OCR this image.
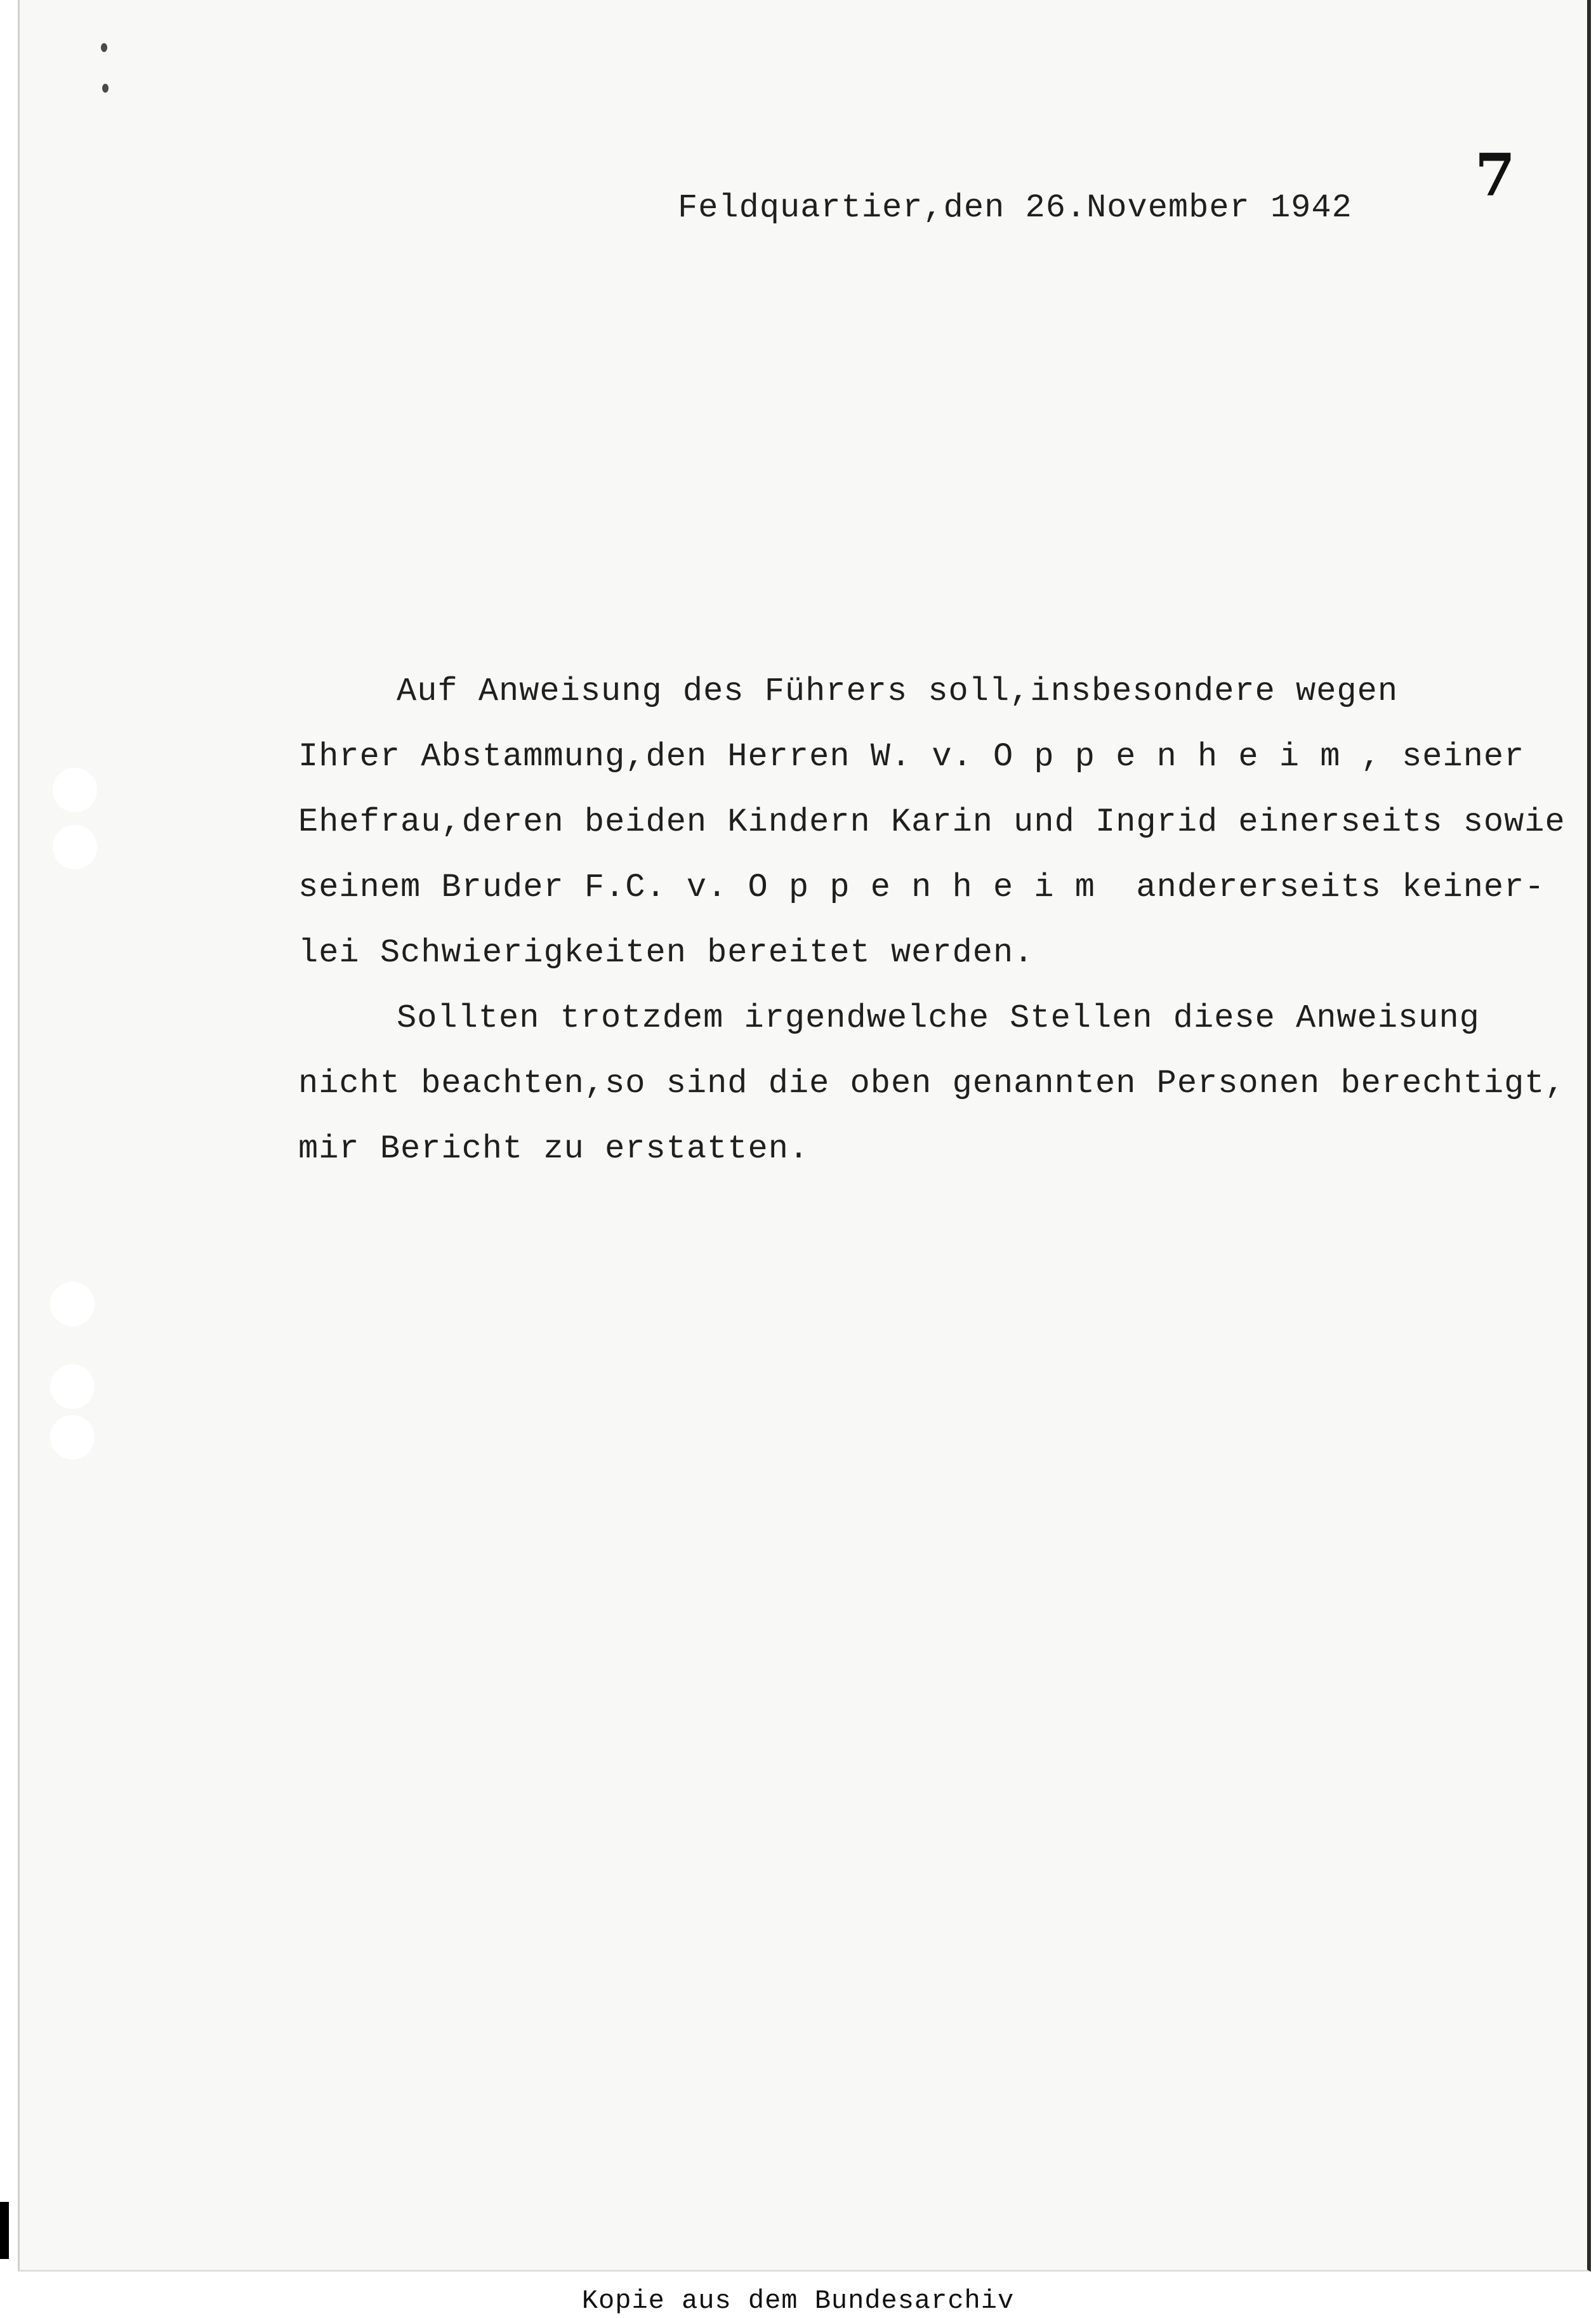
7
Feldquartier,den 26.November 1942
Auf Anweisung des Führers soll,insbesondere wegen
Ihrer Abstammung,den Herren W. v. O p p e n h e i m , seiner
Ehefrau,deren beiden Kindern Karin und Ingrid einerseits sowie
seinem Bruder F.C. v. O p p e n h e i m  andererseits keiner-
lei Schwierigkeiten bereitet werden.
Sollten trotzdem irgendwelche Stellen diese Anweisung
nicht beachten,so sind die oben genannten Personen berechtigt,
mir Bericht zu erstatten.
Kopie aus dem Bundesarchiv
